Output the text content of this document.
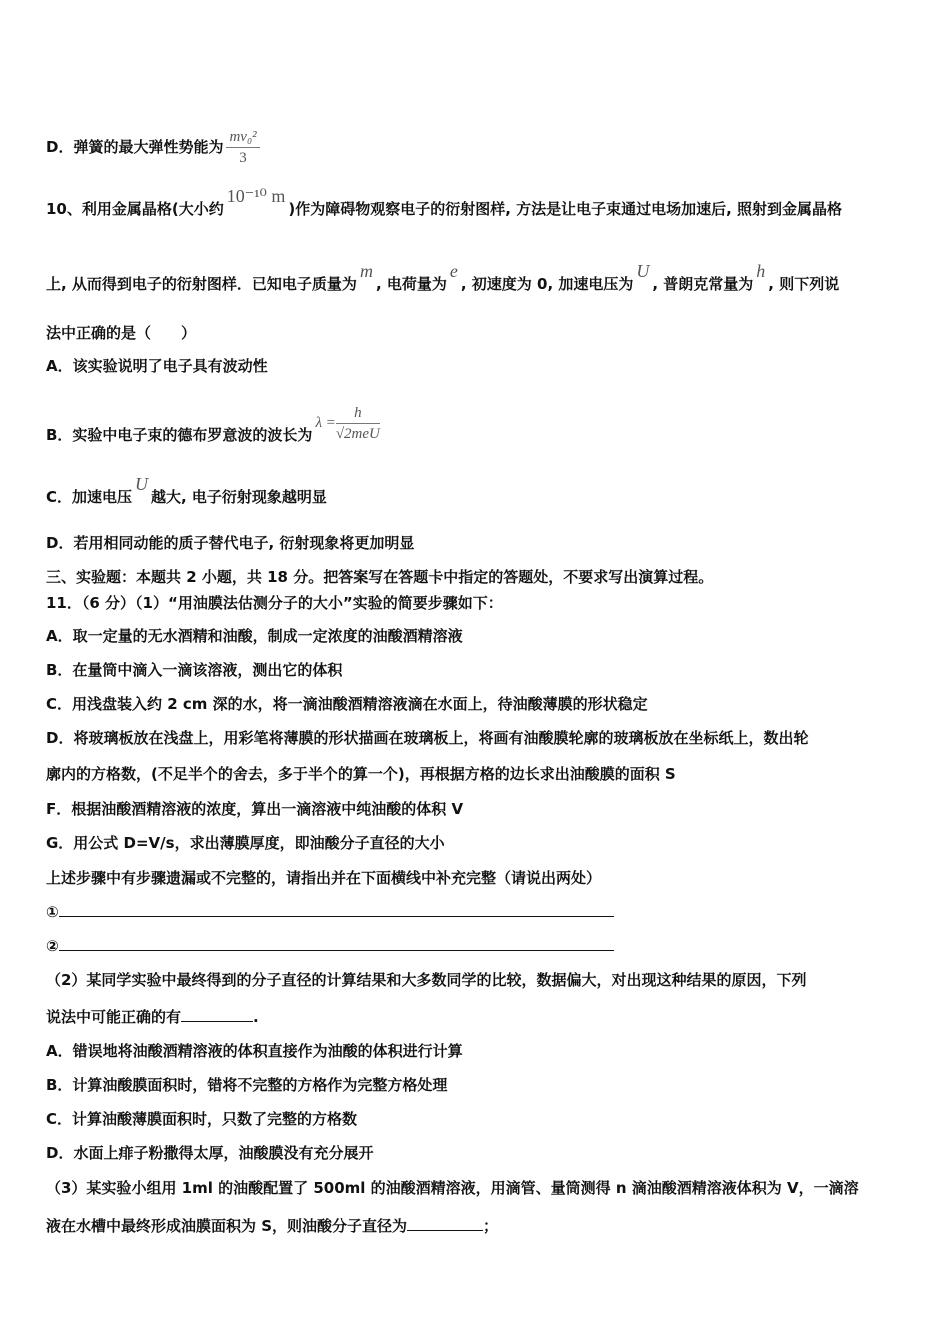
D．弹簧的最大弹性势能为 $\frac{\text{mv₀²}}{3}$
10、利用金属晶格(大小约10⁻¹⁰ m)作为障碍物观察电子的衍射图样, 方法是让电子束通过电场加速后, 照射到金属晶格
上, 从而得到电子的衍射图样．已知电子质量为m, 电荷量为e, 初速度为 0, 加速电压为U, 普朗克常量为h, 则下列说
法中正确的是（　　）
A．该实验说明了电子具有波动性
B．实验中电子束的德布罗意波的波长为
λ =
h
√2meU
C．加速电压U越大, 电子衍射现象越明显
D．若用相同动能的质子替代电子, 衍射现象将更加明显
三、实验题：本题共 2 小题，共 18 分。把答案写在答题卡中指定的答题处，不要求写出演算过程。
11．（6 分）（1）“用油膜法估测分子的大小”实验的简要步骤如下：
A．取一定量的无水酒精和油酸，制成一定浓度的油酸酒精溶液
B．在量筒中滴入一滴该溶液，测出它的体积
C．用浅盘装入约 2 cm 深的水，将一滴油酸酒精溶液滴在水面上，待油酸薄膜的形状稳定
D．将玻璃板放在浅盘上，用彩笔将薄膜的形状描画在玻璃板上，将画有油酸膜轮廓的玻璃板放在坐标纸上，数出轮
廓内的方格数，(不足半个的舍去，多于半个的算一个)，再根据方格的边长求出油酸膜的面积 S
F．根据油酸酒精溶液的浓度，算出一滴溶液中纯油酸的体积 V
G．用公式 D=V/s，求出薄膜厚度，即油酸分子直径的大小
上述步骤中有步骤遗漏或不完整的，请指出并在下面横线中补充完整（请说出两处）
①
②
（2）某同学实验中最终得到的分子直径的计算结果和大多数同学的比较，数据偏大，对出现这种结果的原因，下列
说法中可能正确的有	.
A．错误地将油酸酒精溶液的体积直接作为油酸的体积进行计算
B．计算油酸膜面积时，错将不完整的方格作为完整方格处理
C．计算油酸薄膜面积时，只数了完整的方格数
D．水面上痱子粉撒得太厚，油酸膜没有充分展开
（3）某实验小组用 1ml 的油酸配置了 500ml 的油酸酒精溶液，用滴管、量筒测得 n 滴油酸酒精溶液体积为 V，一滴溶
液在水槽中最终形成油膜面积为 S，则油酸分子直径为	；
